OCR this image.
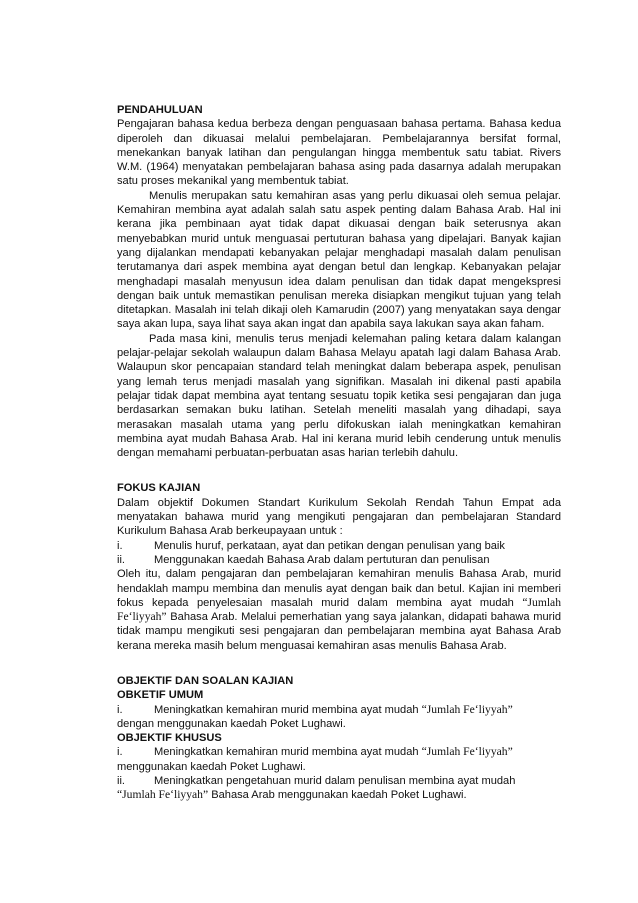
PENDAHULUAN

Pengajaran bahasa kedua berbeza dengan penguasaan bahasa pertama. Bahasa kedua diperoleh dan dikuasai melalui pembelajaran. Pembelajarannya bersifat formal, menekankan banyak latihan dan pengulangan hingga membentuk satu tabiat. Rivers W.M. (1964) menyatakan pembelajaran bahasa asing pada dasarnya adalah merupakan satu proses mekanikal yang membentuk tabiat.

Menulis merupakan satu kemahiran asas yang perlu dikuasai oleh semua pelajar. Kemahiran membina ayat adalah salah satu aspek penting dalam Bahasa Arab. Hal ini kerana jika pembinaan ayat tidak dapat dikuasai dengan baik seterusnya akan menyebabkan murid untuk menguasai pertuturan bahasa yang dipelajari. Banyak kajian yang dijalankan mendapati kebanyakan pelajar menghadapi masalah dalam penulisan terutamanya dari aspek membina ayat dengan betul dan lengkap. Kebanyakan pelajar menghadapi masalah menyusun idea dalam penulisan dan tidak dapat mengekspresi dengan baik untuk memastikan penulisan mereka disiapkan mengikut tujuan yang telah ditetapkan. Masalah ini telah dikaji oleh Kamarudin (2007) yang menyatakan saya dengar saya akan lupa, saya lihat saya akan ingat dan apabila saya lakukan saya akan faham.

Pada masa kini, menulis terus menjadi kelemahan paling ketara dalam kalangan pelajar-pelajar sekolah walaupun dalam Bahasa Melayu apatah lagi dalam Bahasa Arab. Walaupun skor pencapaian standard telah meningkat dalam beberapa aspek, penulisan yang lemah terus menjadi masalah yang signifikan. Masalah ini dikenal pasti apabila pelajar tidak dapat membina ayat tentang sesuatu topik ketika sesi pengajaran dan juga berdasarkan semakan buku latihan. Setelah meneliti masalah yang dihadapi, saya merasakan masalah utama yang perlu difokuskan ialah meningkatkan kemahiran membina ayat mudah Bahasa Arab. Hal ini kerana murid lebih cenderung untuk menulis dengan memahami perbuatan-perbuatan asas harian terlebih dahulu.

FOKUS KAJIAN

Dalam objektif Dokumen Standart Kurikulum Sekolah Rendah Tahun Empat ada menyatakan bahawa murid yang mengikuti pengajaran dan pembelajaran Standard Kurikulum Bahasa Arab berkeupayaan untuk :

i.	Menulis huruf, perkataan, ayat dan petikan dengan penulisan yang baik
ii.	Menggunakan kaedah Bahasa Arab dalam pertuturan dan penulisan

Oleh itu, dalam pengajaran dan pembelajaran kemahiran menulis Bahasa Arab, murid hendaklah mampu membina dan menulis ayat dengan baik dan betul. Kajian ini memberi fokus kepada penyelesaian masalah murid dalam membina ayat mudah “Jumlah Fe‘liyyah” Bahasa Arab. Melalui pemerhatian yang saya jalankan, didapati bahawa murid tidak mampu mengikuti sesi pengajaran dan pembelajaran membina ayat Bahasa Arab kerana mereka masih belum menguasai kemahiran asas menulis Bahasa Arab.

OBJEKTIF DAN SOALAN KAJIAN
OBKETIF UMUM
i.	Meningkatkan kemahiran murid membina ayat mudah “Jumlah Fe‘liyyah”

dengan menggunakan kaedah Poket Lughawi.

OBJEKTIF KHUSUS
i.	Meningkatkan kemahiran murid membina ayat mudah “Jumlah Fe‘liyyah”

menggunakan kaedah Poket Lughawi.

ii.	Meningkatkan pengetahuan murid dalam penulisan membina ayat mudah

“Jumlah Fe‘liyyah” Bahasa Arab menggunakan kaedah Poket Lughawi.
